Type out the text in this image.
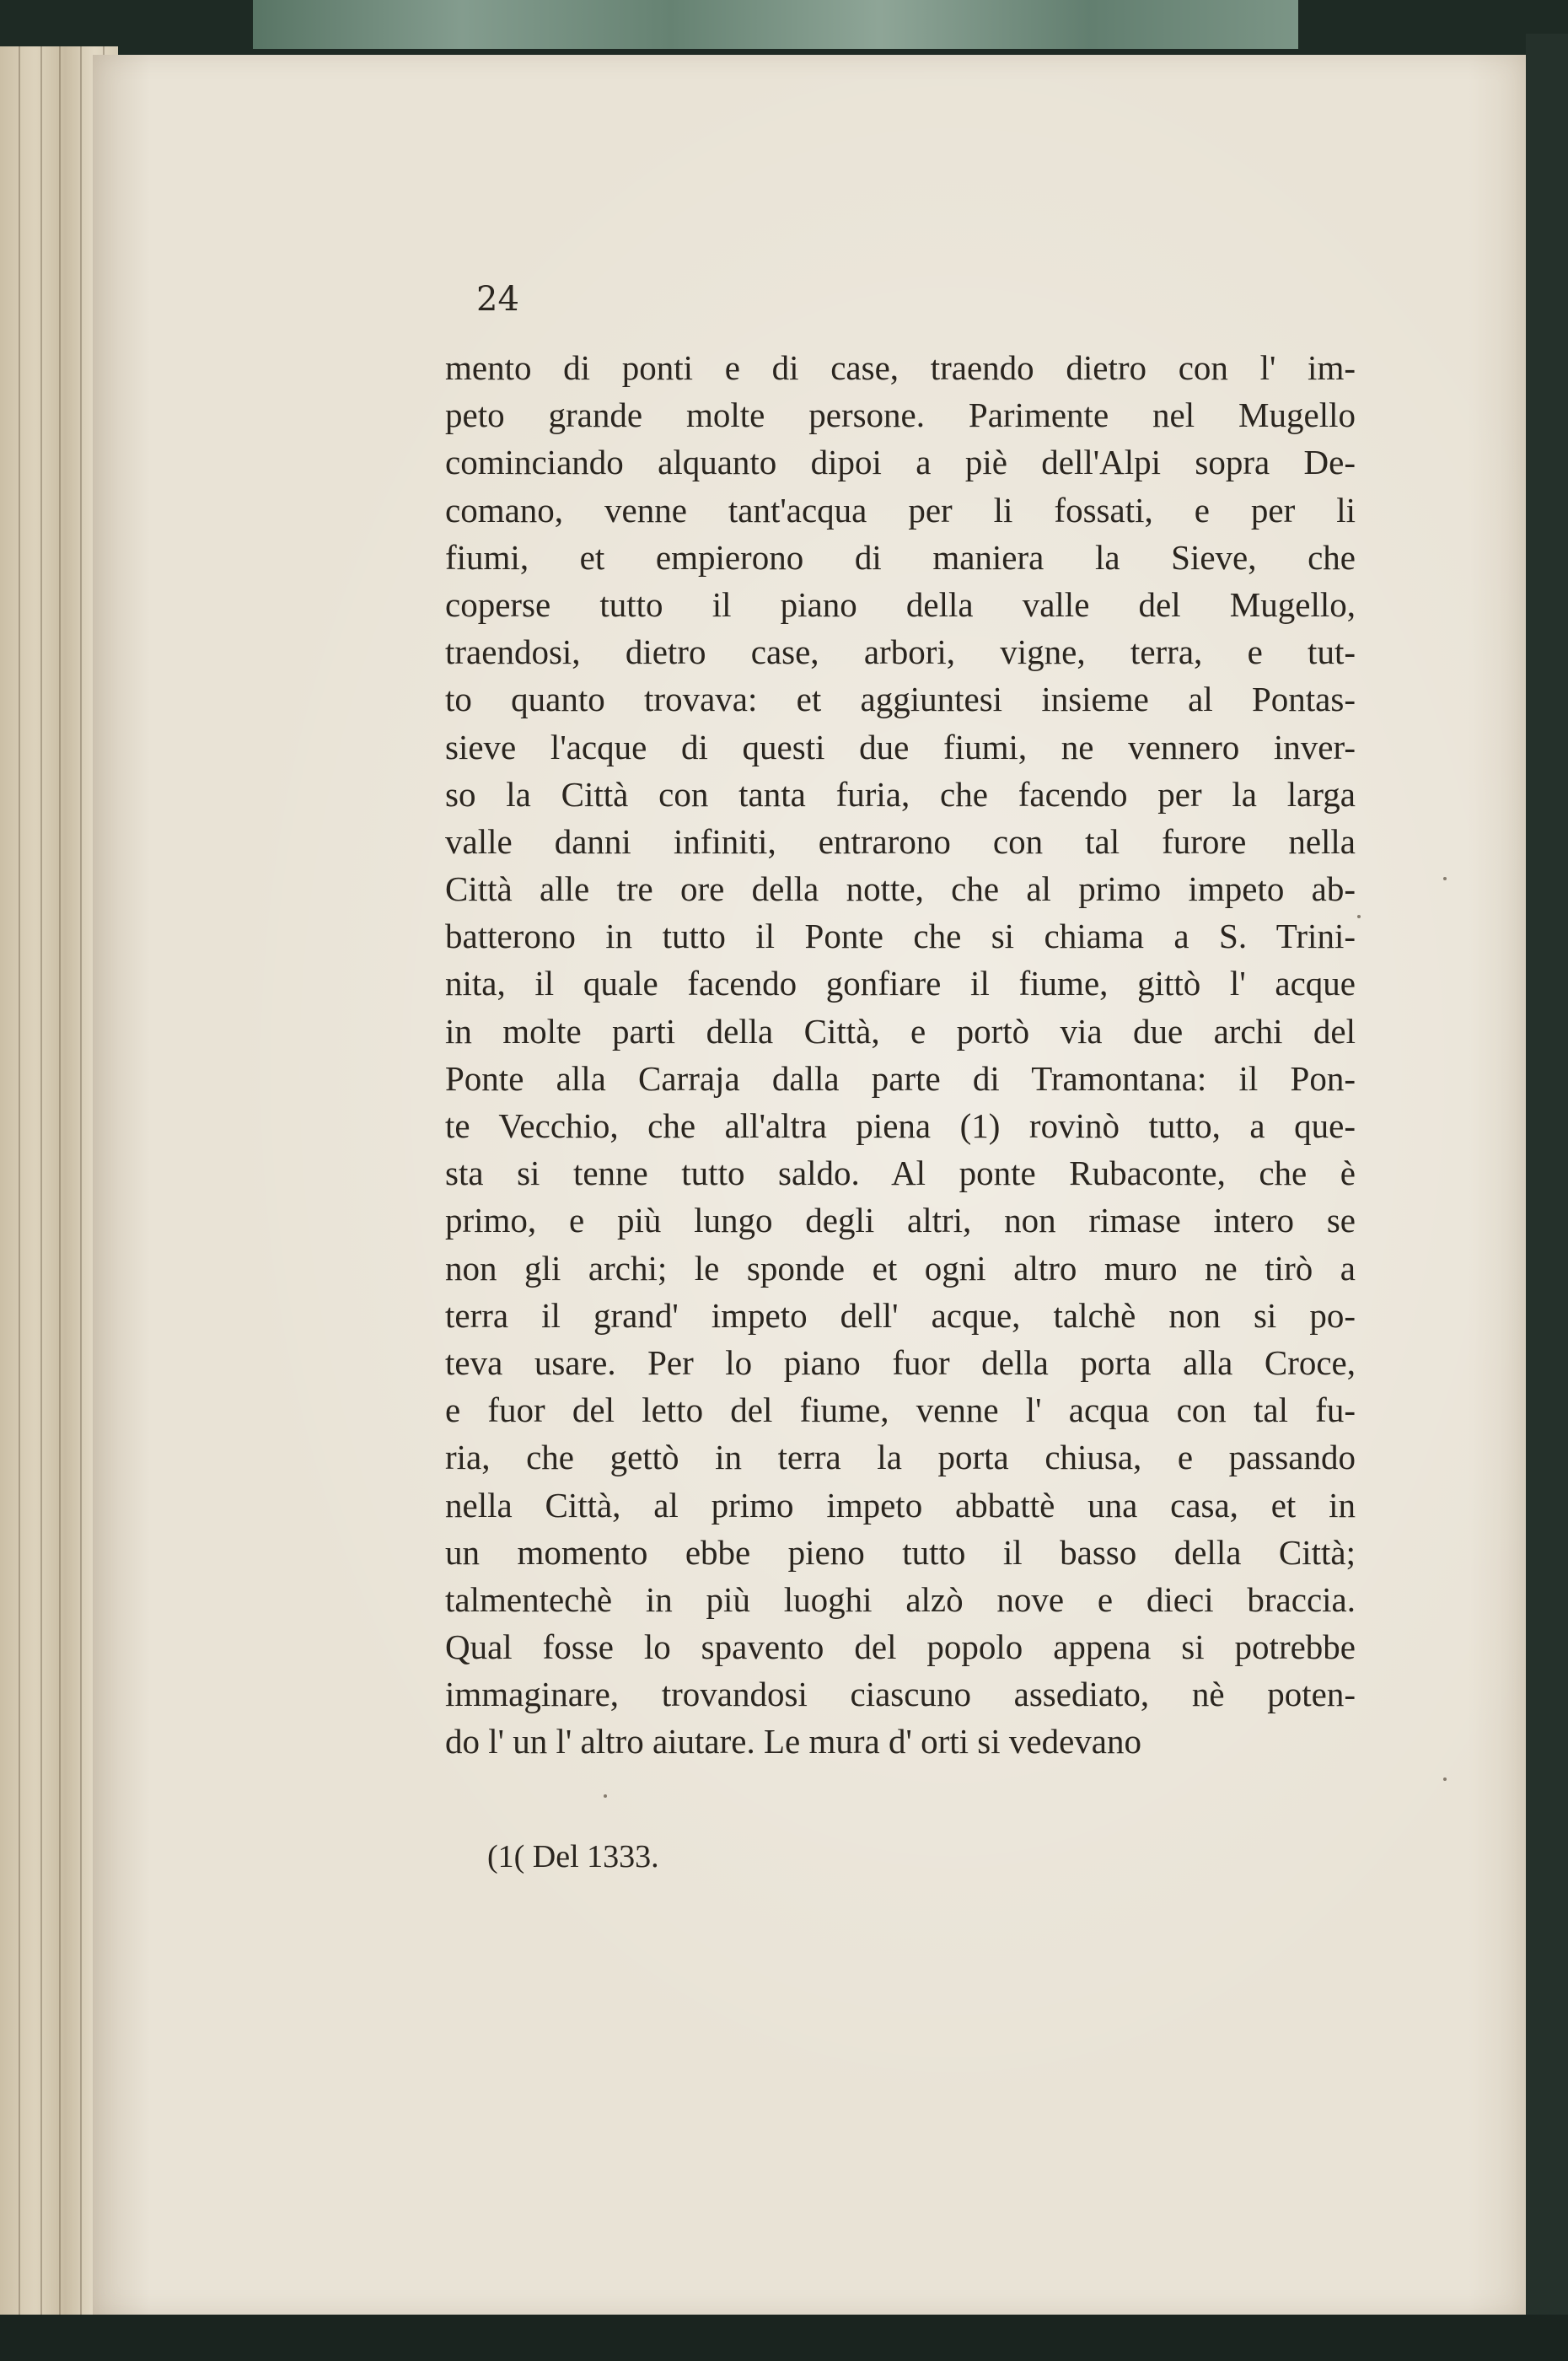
24
mento di ponti e di case, traendo dietro con l' im-
peto grande molte persone. Parimente nel Mugello
cominciando alquanto dipoi a piè dell'Alpi sopra De-
comano, venne tant'acqua per li fossati, e per li
fiumi, et empierono di maniera la Sieve, che
coperse tutto il piano della valle del Mugello,
traendosi, dietro case, arbori, vigne, terra, e tut-
to quanto trovava: et aggiuntesi insieme al Pontas-
sieve l'acque di questi due fiumi, ne vennero inver-
so la Città con tanta furia, che facendo per la larga
valle danni infiniti, entrarono con tal furore nella
Città alle tre ore della notte, che al primo impeto ab-
batterono in tutto il Ponte che si chiama a S. Trini-
nita, il quale facendo gonfiare il fiume, gittò l' acque
in molte parti della Città, e portò via due archi del
Ponte alla Carraja dalla parte di Tramontana: il Pon-
te Vecchio, che all'altra piena (1) rovinò tutto, a que-
sta si tenne tutto saldo. Al ponte Rubaconte, che è
primo, e più lungo degli altri, non rimase intero se
non gli archi; le sponde et ogni altro muro ne tirò a
terra il grand' impeto dell' acque, talchè non si po-
teva usare. Per lo piano fuor della porta alla Croce,
e fuor del letto del fiume, venne l' acqua con tal fu-
ria, che gettò in terra la porta chiusa, e passando
nella Città, al primo impeto abbattè una casa, et in
un momento ebbe pieno tutto il basso della Città;
talmentechè in più luoghi alzò nove e dieci braccia.
Qual fosse lo spavento del popolo appena si potrebbe
immaginare, trovandosi ciascuno assediato, nè poten-
do l' un l' altro aiutare. Le mura d' orti si vedevano
(1( Del 1333.
